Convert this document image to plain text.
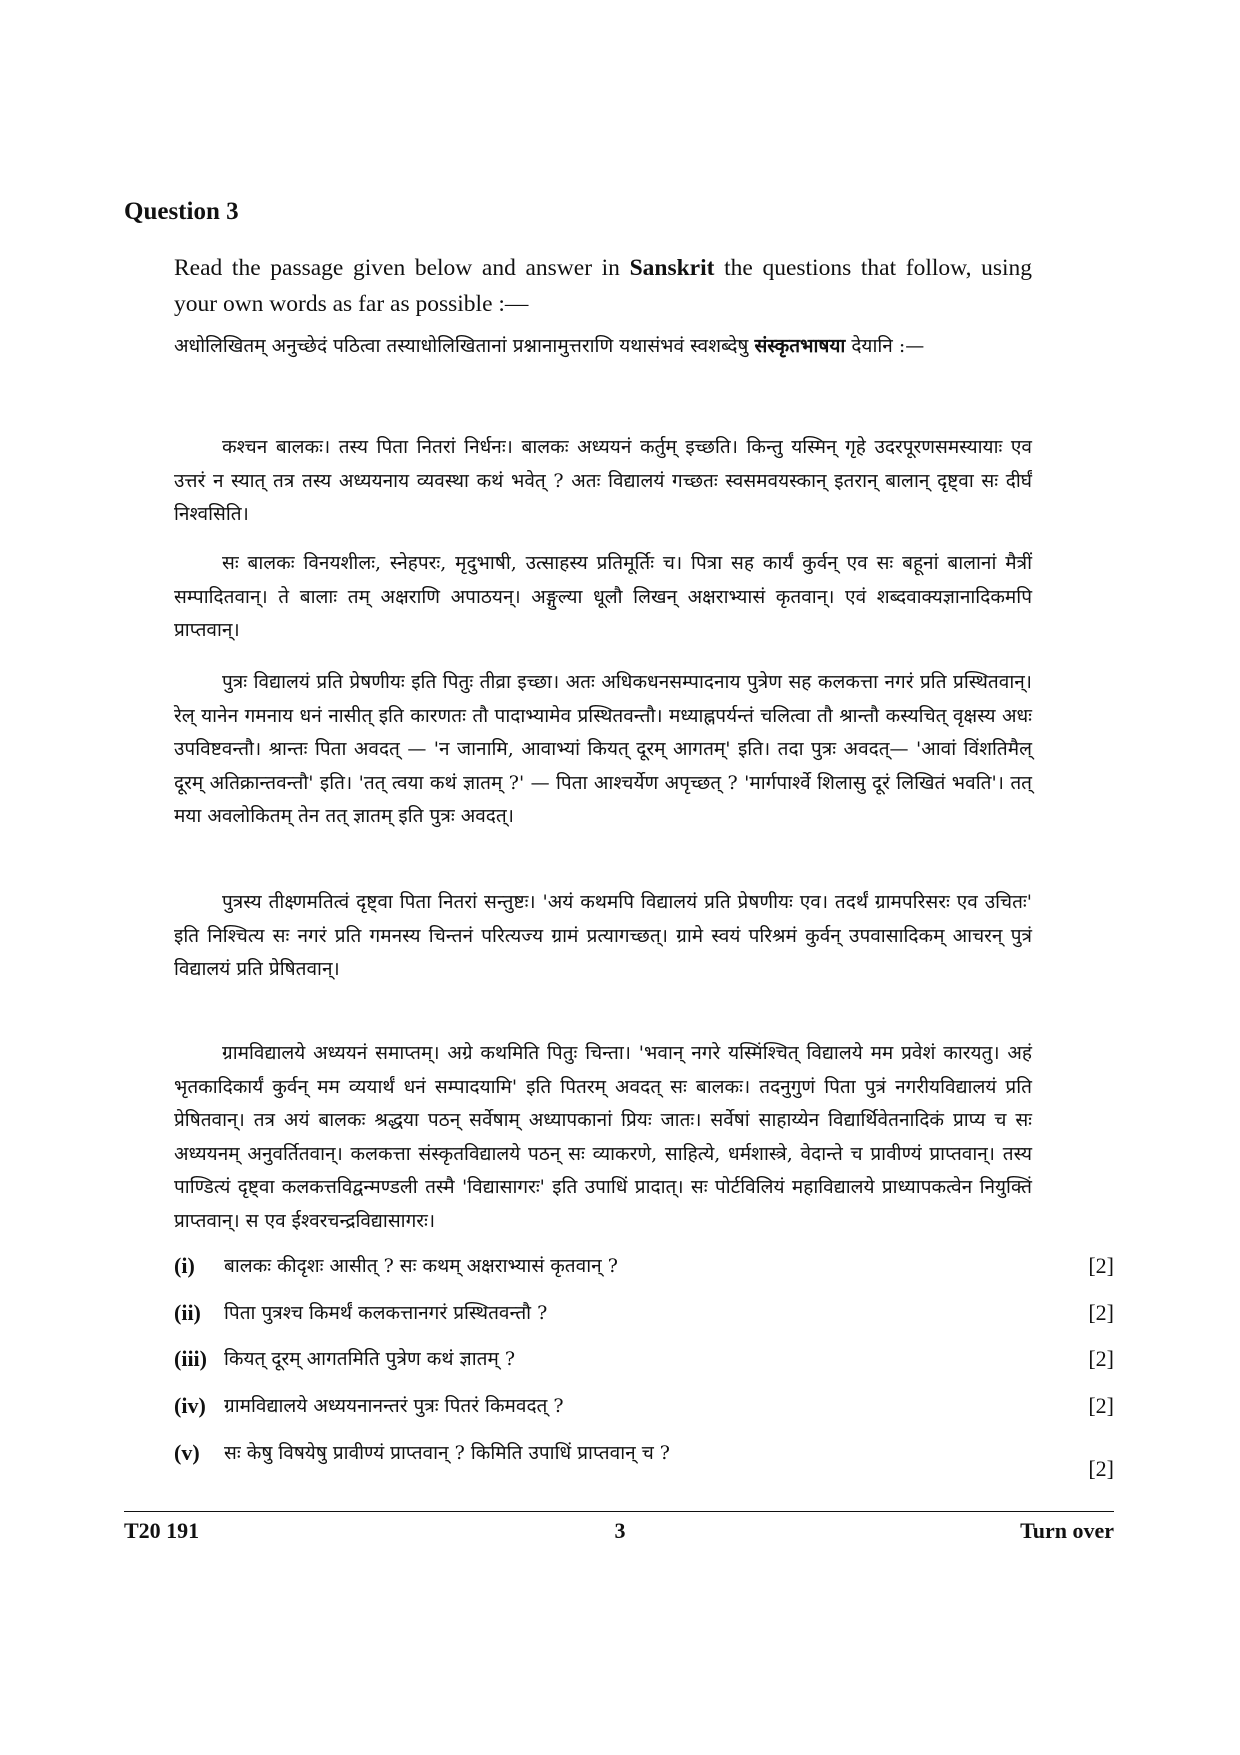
Question 3
Read the passage given below and answer in Sanskrit the questions that follow, using your own words as far as possible :—
अधोलिखितम् अनुच्छेदं पठित्वा तस्याधोलिखितानां प्रश्नानामुत्तराणि यथासंभवं स्वशब्देषु संस्कृतभाषया देयानि :—

कश्चन बालकः। तस्य पिता नितरां निर्धनः। बालकः अध्ययनं कर्तुम् इच्छति। किन्तु यस्मिन् गृहे उदरपूरणसमस्यायाः एव उत्तरं न स्यात् तत्र तस्य अध्ययनाय व्यवस्था कथं भवेत् ? अतः विद्यालयं गच्छतः स्वसमवयस्कान् इतरान् बालान् दृष्ट्वा सः दीर्घं निश्वसिति।

सः बालकः विनयशीलः, स्नेहपरः, मृदुभाषी, उत्साहस्य प्रतिमूर्तिः च। पित्रा सह कार्यं कुर्वन् एव सः बहूनां बालानां मैत्रीं सम्पादितवान्। ते बालाः तम् अक्षराणि अपाठयन्। अङ्गुल्या धूलौ लिखन् अक्षराभ्यासं कृतवान्। एवं शब्दवाक्यज्ञानादिकमपि प्राप्तवान्।

पुत्रः विद्यालयं प्रति प्रेषणीयः इति पितुः तीव्रा इच्छा। अतः अधिकधनसम्पादनाय पुत्रेण सह कलकत्ता नगरं प्रति प्रस्थितवान्। रेल् यानेन गमनाय धनं नासीत् इति कारणतः तौ पादाभ्यामेव प्रस्थितवन्तौ। मध्याह्नपर्यन्तं चलित्वा तौ श्रान्तौ कस्यचित् वृक्षस्य अधः उपविष्टवन्तौ। श्रान्तः पिता अवदत् — 'न जानामि, आवाभ्यां कियत् दूरम् आगतम्' इति। तदा पुत्रः अवदत्— 'आवां विंशतिमैल् दूरम् अतिक्रान्तवन्तौ' इति। 'तत् त्वया कथं ज्ञातम् ?' — पिता आश्चर्येण अपृच्छत् ? 'मार्गपार्श्वे शिलासु दूरं लिखितं भवति'। तत् मया अवलोकितम् तेन तत् ज्ञातम् इति पुत्रः अवदत्।

पुत्रस्य तीक्ष्णमतित्वं दृष्ट्वा पिता नितरां सन्तुष्टः। 'अयं कथमपि विद्यालयं प्रति प्रेषणीयः एव। तदर्थं ग्रामपरिसरः एव उचितः' इति निश्चित्य सः नगरं प्रति गमनस्य चिन्तनं परित्यज्य ग्रामं प्रत्यागच्छत्। ग्रामे स्वयं परिश्रमं कुर्वन् उपवासादिकम् आचरन् पुत्रं विद्यालयं प्रति प्रेषितवान्।

ग्रामविद्यालये अध्ययनं समाप्तम्। अग्रे कथमिति पितुः चिन्ता। 'भवान् नगरे यस्मिंश्चित् विद्यालये मम प्रवेशं कारयतु। अहं भृतकादिकार्यं कुर्वन् मम व्ययार्थं धनं सम्पादयामि' इति पितरम् अवदत् सः बालकः। तदनुगुणं पिता पुत्रं नगरीयविद्यालयं प्रति प्रेषितवान्। तत्र अयं बालकः श्रद्धया पठन् सर्वेषाम् अध्यापकानां प्रियः जातः। सर्वेषां साहाय्येन विद्यार्थिवेतनादिकं प्राप्य च सः अध्ययनम् अनुवर्तितवान्। कलकत्ता संस्कृतविद्यालये पठन् सः व्याकरणे, साहित्ये, धर्मशास्त्रे, वेदान्ते च प्रावीण्यं प्राप्तवान्। तस्य पाण्डित्यं दृष्ट्वा कलकत्तविद्वन्मण्डली तस्मै 'विद्यासागरः' इति उपाधिं प्रादात्। सः पोर्टविलियं महाविद्यालये प्राध्यापकत्वेन नियुक्तिं प्राप्तवान्। स एव ईश्वरचन्द्रविद्यासागरः।

(i) बालकः कीदृशः आसीत् ? सः कथम् अक्षराभ्यासं कृतवान् ?	[2]
(ii) पिता पुत्रश्च किमर्थं कलकत्तानगरं प्रस्थितवन्तौ ?	[2]
(iii) कियत् दूरम् आगतमिति पुत्रेण कथं ज्ञातम् ?	[2]
(iv) ग्रामविद्यालये अध्ययनानन्तरं पुत्रः पितरं किमवदत् ?	[2]
(v) सः केषु विषयेषु प्रावीण्यं प्राप्तवान् ? किमिति उपाधिं प्राप्तवान् च ?
[2]
T20 191	3	Turn over
